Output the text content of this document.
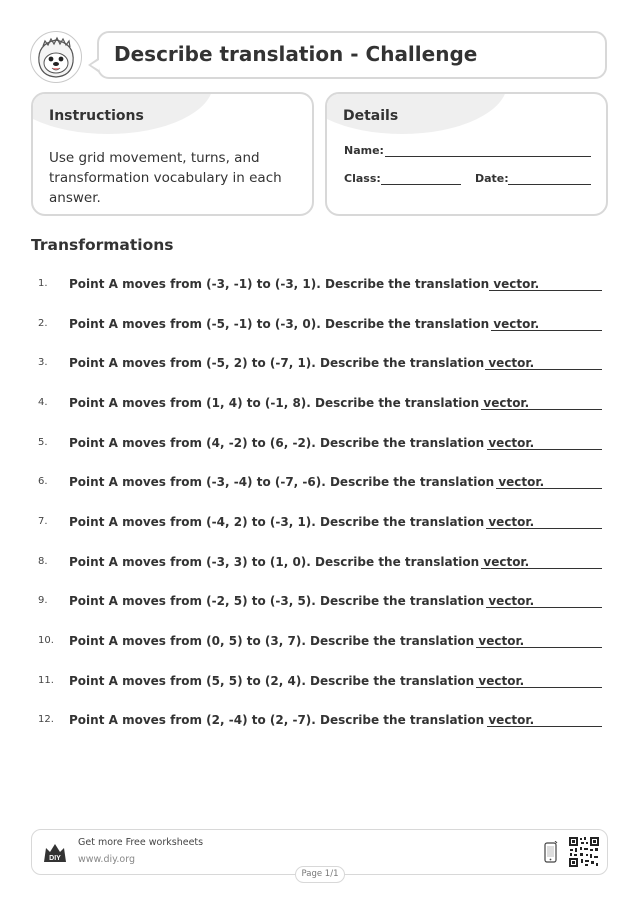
Describe translation - Challenge
Instructions
Use grid movement, turns, and transformation vocabulary in each answer.
Details
Name:
Class:	Date:
Transformations
1. Point A moves from (-3, -1) to (-3, 1). Describe the translation vector.
2. Point A moves from (-5, -1) to (-3, 0). Describe the translation vector.
3. Point A moves from (-5, 2) to (-7, 1). Describe the translation vector.
4. Point A moves from (1, 4) to (-1, 8). Describe the translation vector.
5. Point A moves from (4, -2) to (6, -2). Describe the translation vector.
6. Point A moves from (-3, -4) to (-7, -6). Describe the translation vector.
7. Point A moves from (-4, 2) to (-3, 1). Describe the translation vector.
8. Point A moves from (-3, 3) to (1, 0). Describe the translation vector.
9. Point A moves from (-2, 5) to (-3, 5). Describe the translation vector.
10. Point A moves from (0, 5) to (3, 7). Describe the translation vector.
11. Point A moves from (5, 5) to (2, 4). Describe the translation vector.
12. Point A moves from (2, -4) to (2, -7). Describe the translation vector.
DIY
Get more Free worksheets
www.diy.org
Page 1/1
